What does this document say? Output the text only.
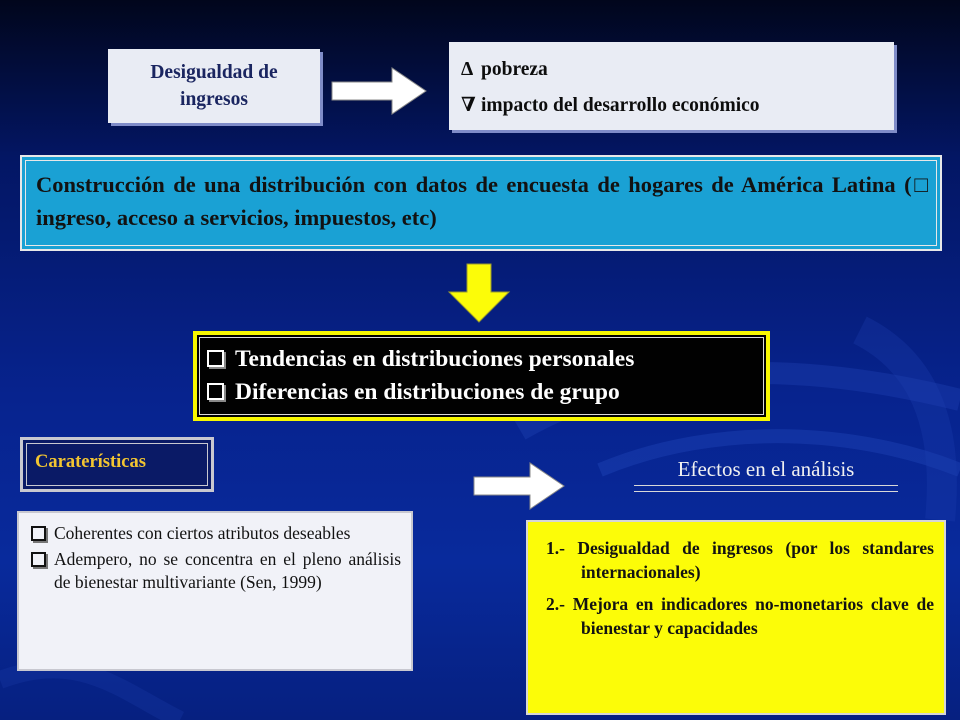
Desigualdad de
ingresos
Δ pobreza
∇ impacto del desarrollo económico
Construcción de una distribución con datos de encuesta de hogares de América Latina (□ ingreso, acceso a servicios, impuestos, etc)
Tendencias en distribuciones personales
Diferencias en distribuciones de grupo
Caraterísticas
Coherentes con ciertos atributos deseables
Adempero, no se concentra en el pleno análisis de bienestar multivariante (Sen, 1999)
Efectos en el análisis
1.- Desigualdad de ingresos (por los standares internacionales)
2.- Mejora en indicadores no-monetarios clave de bienestar y capacidades
